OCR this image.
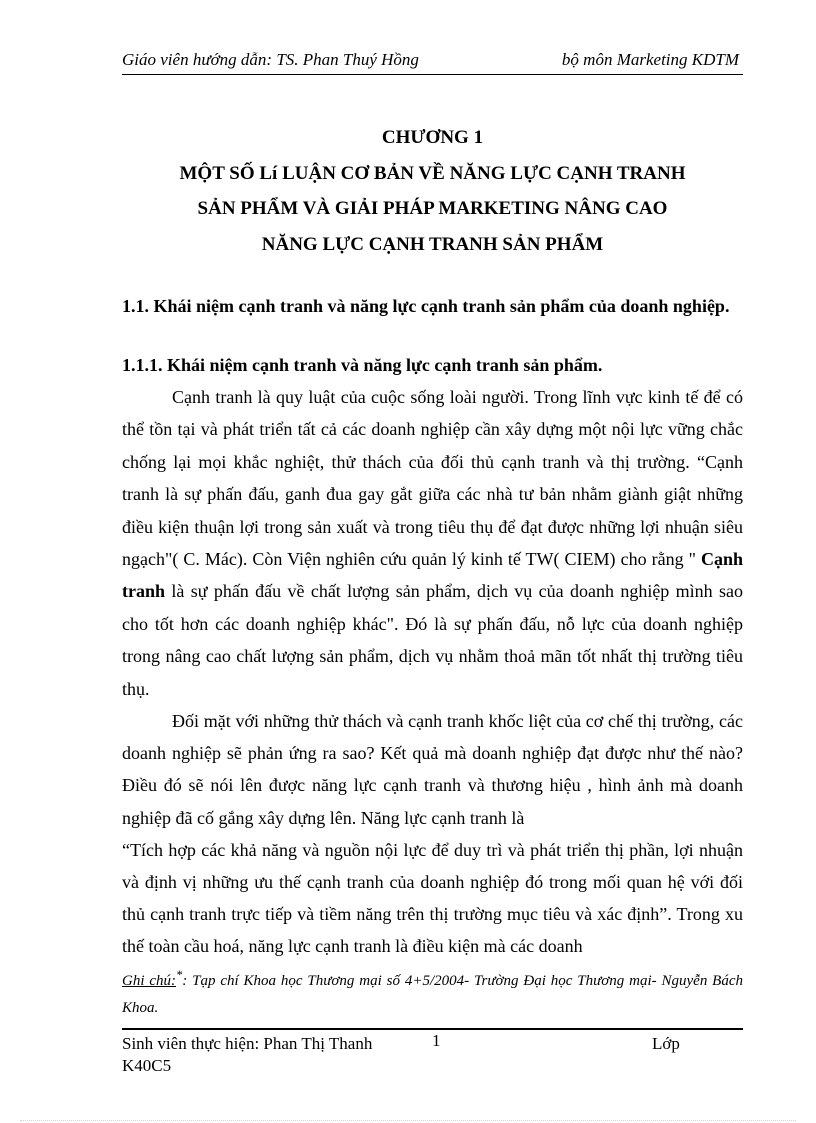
Giáo viên hướng dẫn: TS. Phan Thuý Hồng	bộ môn Marketing KDTM
CHƯƠNG 1
MỘT SỐ Lí LUẬN CƠ BẢN VỀ NĂNG LỰC CẠNH TRANH
SẢN PHẨM VÀ GIẢI PHÁP MARKETING NÂNG CAO
NĂNG LỰC CẠNH TRANH SẢN PHẨM
1.1. Khái niệm cạnh tranh và năng lực cạnh tranh sản phẩm của doanh nghiệp.
1.1.1. Khái niệm cạnh tranh và năng lực cạnh tranh sản phẩm.

Cạnh tranh là quy luật của cuộc sống loài người. Trong lĩnh vực kinh tế để có thể tồn tại và phát triển tất cả các doanh nghiệp cần xây dựng một nội lực vững chắc chống lại mọi khắc nghiệt, thử thách của đối thủ cạnh tranh và thị trường. “Cạnh tranh là sự phấn đấu, ganh đua gay gắt giữa các nhà tư bản nhằm giành giật những điều kiện thuận lợi trong sản xuất và trong tiêu thụ để đạt được những lợi nhuận siêu ngạch"( C. Mác). Còn Viện nghiên cứu quản lý kinh tế TW( CIEM) cho rằng " Cạnh tranh là sự phấn đấu về chất lượng sản phẩm, dịch vụ của doanh nghiệp mình sao cho tốt hơn các doanh nghiệp khác". Đó là sự phấn đấu, nỗ lực của doanh nghiệp trong nâng cao chất lượng sản phẩm, dịch vụ nhằm thoả mãn tốt nhất thị trường tiêu thụ.

Đối mặt với những thử thách và cạnh tranh khốc liệt của cơ chế thị trường, các doanh nghiệp sẽ phản ứng ra sao? Kết quả mà doanh nghiệp đạt được như thế nào? Điều đó sẽ nói lên được năng lực cạnh tranh và thương hiệu , hình ảnh mà doanh nghiệp đã cố gắng xây dựng lên. Năng lực cạnh tranh là
“Tích hợp các khả năng và nguồn nội lực để duy trì và phát triển thị phần, lợi nhuận và định vị những ưu thế cạnh tranh của doanh nghiệp đó trong mối quan hệ với đối thủ cạnh tranh trực tiếp và tiềm năng trên thị trường mục tiêu và xác định”. Trong xu thế toàn cầu hoá, năng lực cạnh tranh là điều kiện mà các doanh

Ghi chú:*: Tạp chí Khoa học Thương mại số 4+5/2004- Trường Đại học Thương mại- Nguyễn Bách Khoa.
Sinh viên thực hiện: Phan Thị Thanh	1	Lớp
K40C5
